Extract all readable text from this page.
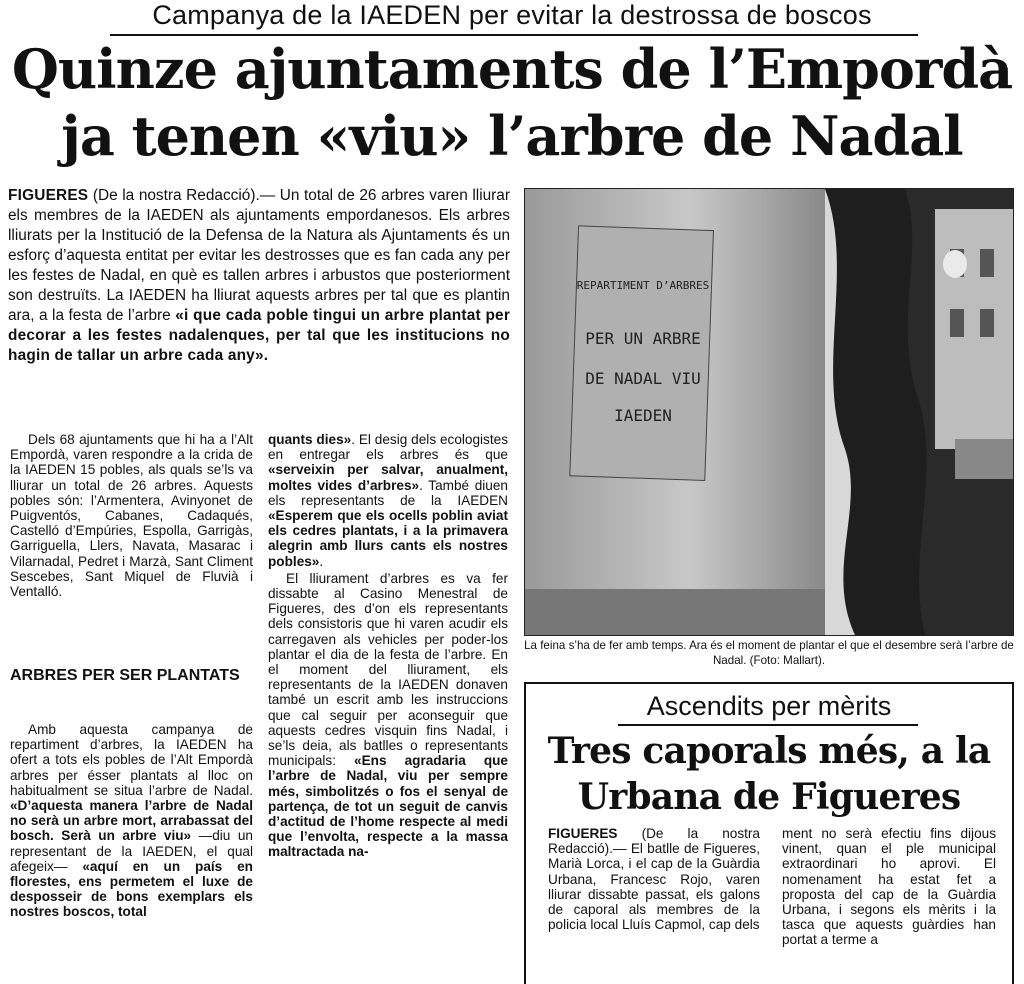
Campanya de la IAEDEN per evitar la destrossa de boscos
Quinze ajuntaments de l’Empordà
ja tenen «viu» l’arbre de Nadal
FIGUERES (De la nostra Redacció).— Un total de 26 arbres varen lliurar els membres de la IAEDEN als ajuntaments empordanesos. Els arbres lliurats per la Institució de la Defensa de la Natura als Ajuntaments és un esforç d’aquesta entitat per evitar les destrosses que es fan cada any per les festes de Nadal, en què es tallen arbres i arbustos que posteriorment son destruïts. La IAEDEN ha lliurat aquests arbres per tal que es plantin ara, a la festa de l’arbre «i que cada poble tingui un arbre plantat per decorar a les festes nadalenques, per tal que les institucions no hagin de tallar un arbre cada any».

Dels 68 ajuntaments que hi ha a l’Alt Empordà, varen respondre a la crida de la IAEDEN 15 pobles, als quals se’ls va lliurar un total de 26 arbres. Aquests pobles són: l’Armentera, Avinyonet de Puigventós, Cabanes, Cadaqués, Castelló d’Empúries, Espolla, Garrigàs, Garriguella, Llers, Navata, Masarac i Vilarnadal, Pedret i Marzà, Sant Climent Sescebes, Sant Miquel de Fluvià i Ventalló.

ARBRES PER SER PLANTATS

Amb aquesta campanya de repartiment d’arbres, la IAEDEN ha ofert a tots els pobles de l’Alt Empordà arbres per ésser plantats al lloc on habitualment se situa l’arbre de Nadal. «D’aquesta manera l’arbre de Nadal no serà un arbre mort, arrabassat del bosch. Serà un arbre viu» —diu un representant de la IAEDEN, el qual afegeix— «aquí en un país en florestes, ens permetem el luxe de desposseir de bons exemplars els nostres boscos, total

quants dies». El desig dels ecologistes en entregar els arbres és que «serveixin per salvar, anualment, moltes vides d’arbres». També diuen els representants de la IAEDEN «Esperem que els ocells poblin aviat els cedres plantats, i a la primavera alegrin amb llurs cants els nostres pobles».

El lliurament d’arbres es va fer dissabte al Casino Menestral de Figueres, des d’on els representants dels consistoris que hi varen acudir els carregaven als vehicles per poder-los plantar el dia de la festa de l’arbre. En el moment del lliurament, els representants de la IAEDEN donaven també un escrit amb les instruccions que cal seguir per aconseguir que aquests cedres visquin fins Nadal, i se’ls deia, als batlles o representants municipals: «Ens agradaria que l’arbre de Nadal, viu per sempre més, simbolitzés o fos el senyal de partença, de tot un seguit de canvis d’actitud de l’home respecte al medi que l’envolta, respecte a la massa maltractada na-

REPARTIMENT D’ARBRES
PER UN ARBRE
DE NADAL VIU
IAEDEN
La feina s’ha de fer amb temps. Ara és el moment de plantar el que el desembre serà l’arbre de Nadal. (Foto: Mallart).
Ascendits per mèrits
Tres caporals més, a la
Urbana de Figueres
FIGUERES (De la nostra Redacció).— El batlle de Figueres, Marià Lorca, i el cap de la Guàrdia Urbana, Francesc Rojo, varen lliurar dissabte passat, els galons de caporal als membres de la policia local Lluís Capmol, cap dels
ment no serà efectiu fins dijous vinent, quan el ple municipal extraordinari ho aprovi. El nomenament ha estat fet a proposta del cap de la Guàrdia Urbana, i segons els mèrits i la tasca que aquests guàrdies han portat a terme a
